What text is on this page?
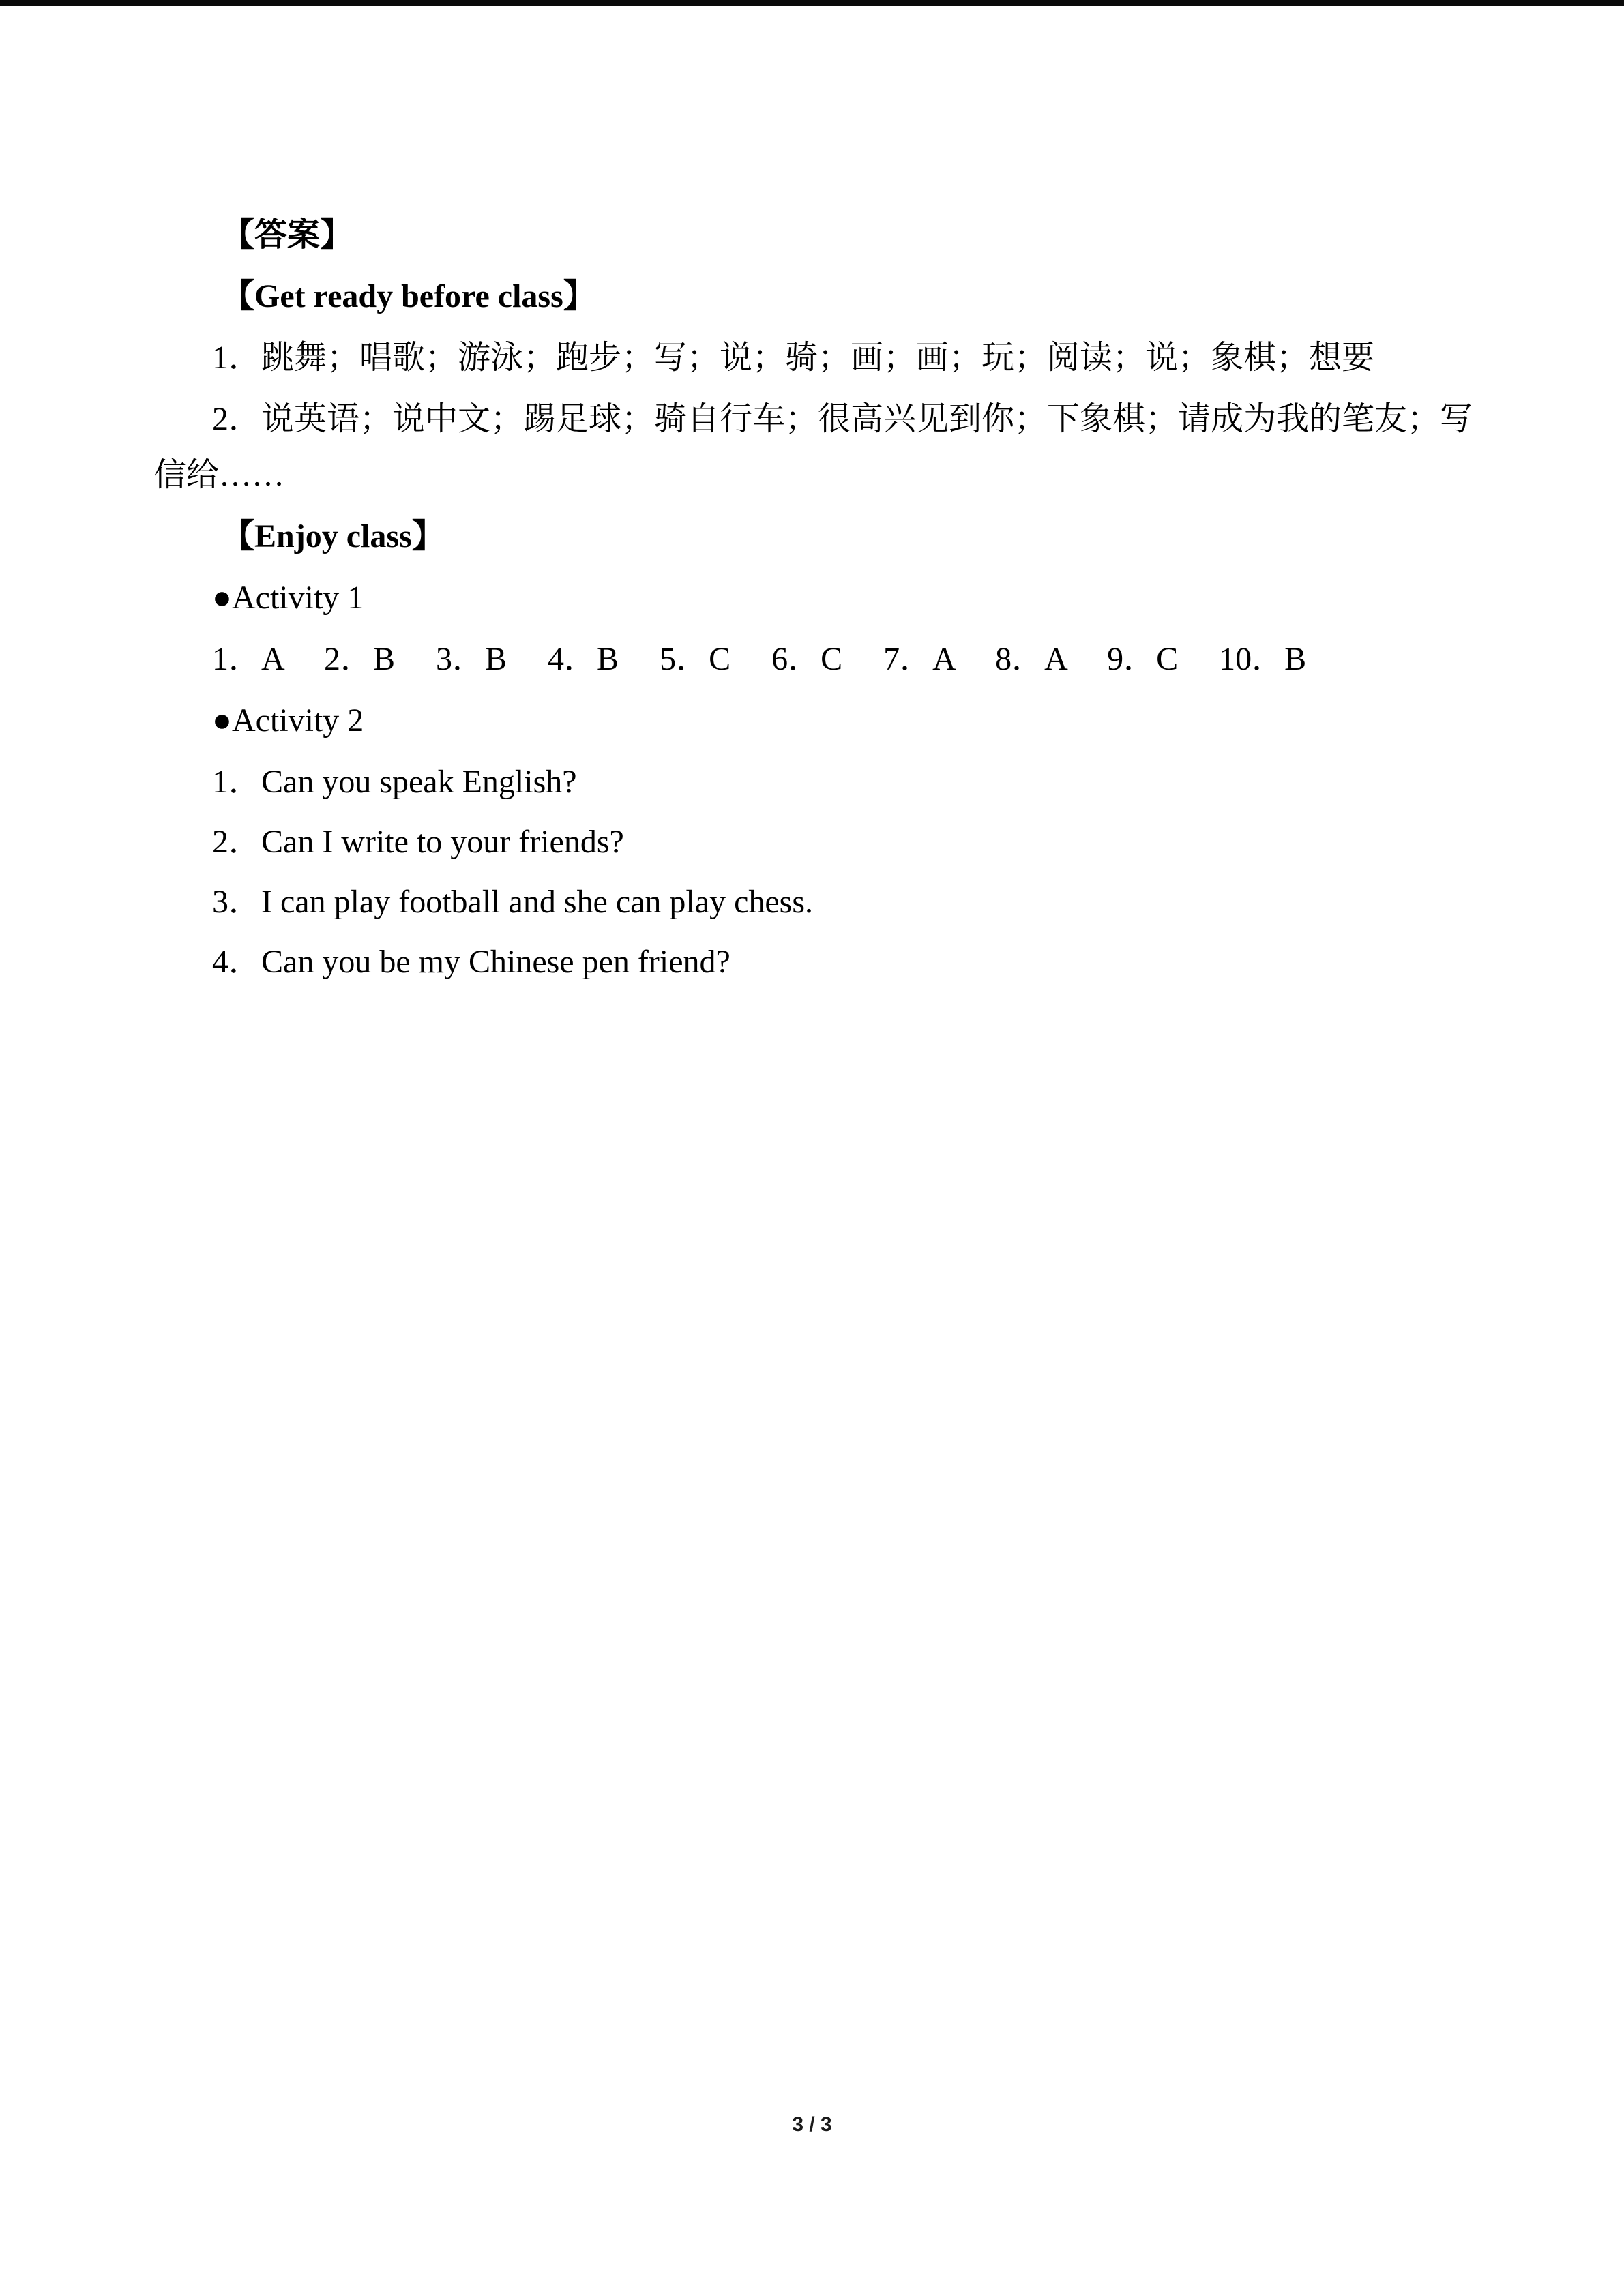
【答案】
【Get ready before class】
1．跳舞；唱歌；游泳；跑步；写；说；骑；画；画；玩；阅读；说；象棋；想要
2．说英语；说中文；踢足球；骑自行车；很高兴见到你；下象棋；请成为我的笔友；写
信给……
【Enjoy class】
●Activity 1
1．A　 2．B　 3．B　 4．B　 5．C　 6．C　 7．A　 8．A　 9．C　 10．B
●Activity 2
1．Can you speak English?
2．Can I write to your friends?
3．I can play football and she can play chess.
4．Can you be my Chinese pen friend?
3 / 3
